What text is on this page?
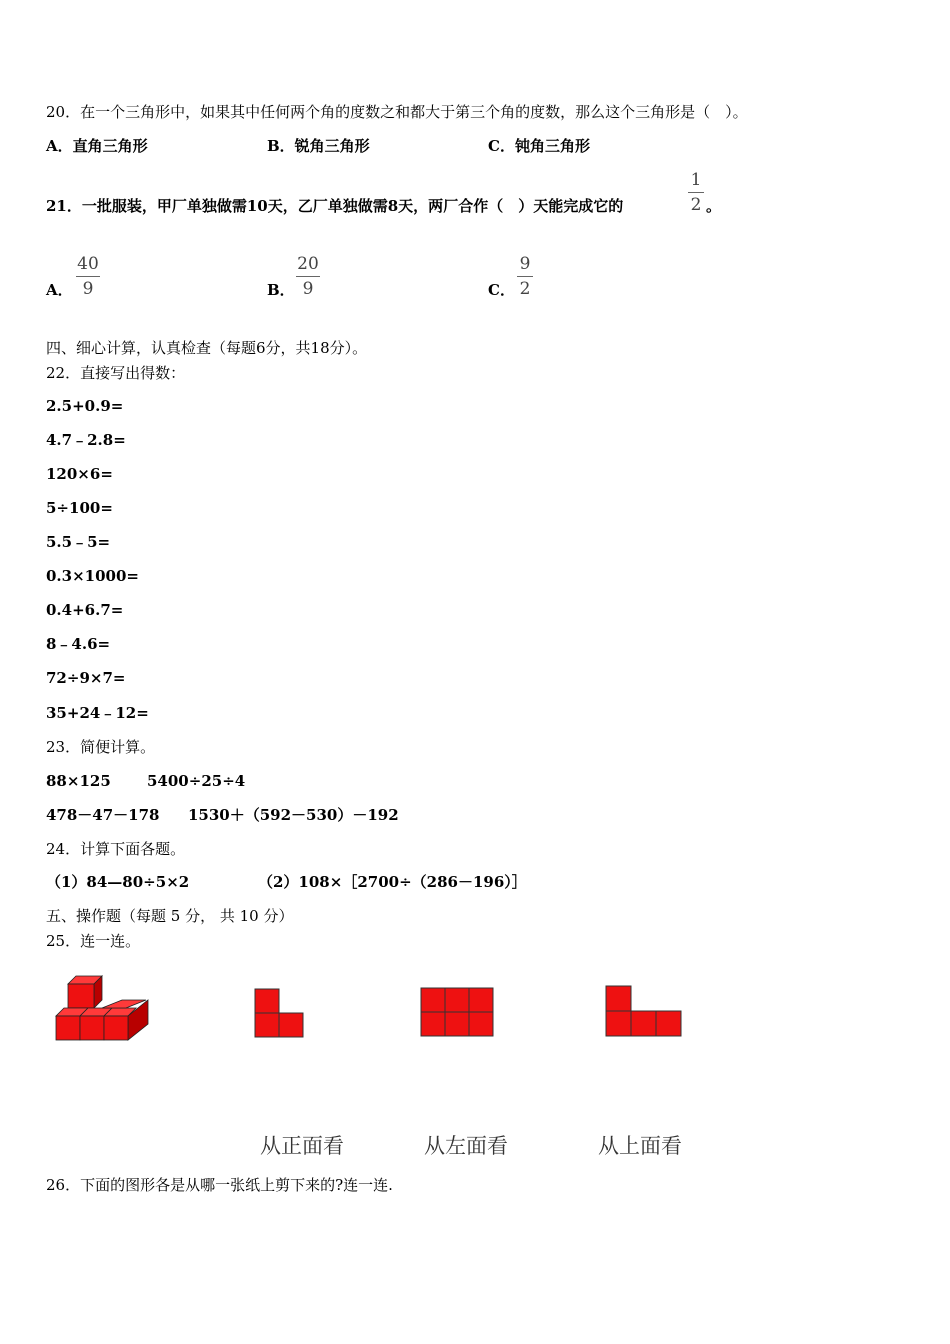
20．在一个三角形中，如果其中任何两个角的度数之和都大于第三个角的度数，那么这个三角形是（　）。
A．直角三角形	B．锐角三角形	C．钝角三角形
21．一批服装，甲厂单独做需10天，乙厂单独做需8天，两厂合作（　）天能完成它的
1
2 。
A．
40
9	B．
20
9	C．
9
2
四、细心计算，认真检查（每题6分，共18分）。
22．直接写出得数：
2.5+0.9=
4.7﹣2.8=
120×6=
5÷100=
5.5﹣5=
0.3×1000=
0.4+6.7=
8﹣4.6=
72÷9×7=
35+24﹣12=
23．简便计算。
88×125 5400÷25÷4
478－47－178 1530＋（592－530）－192
24．计算下面各题。
（1）84—80÷5×2	（2）108×［2700÷（286－196）］
五、操作题（每题 5 分， 共 10 分）
25．连一连。
从正面看	从左面看	从上面看
26．下面的图形各是从哪一张纸上剪下来的?连一连.
